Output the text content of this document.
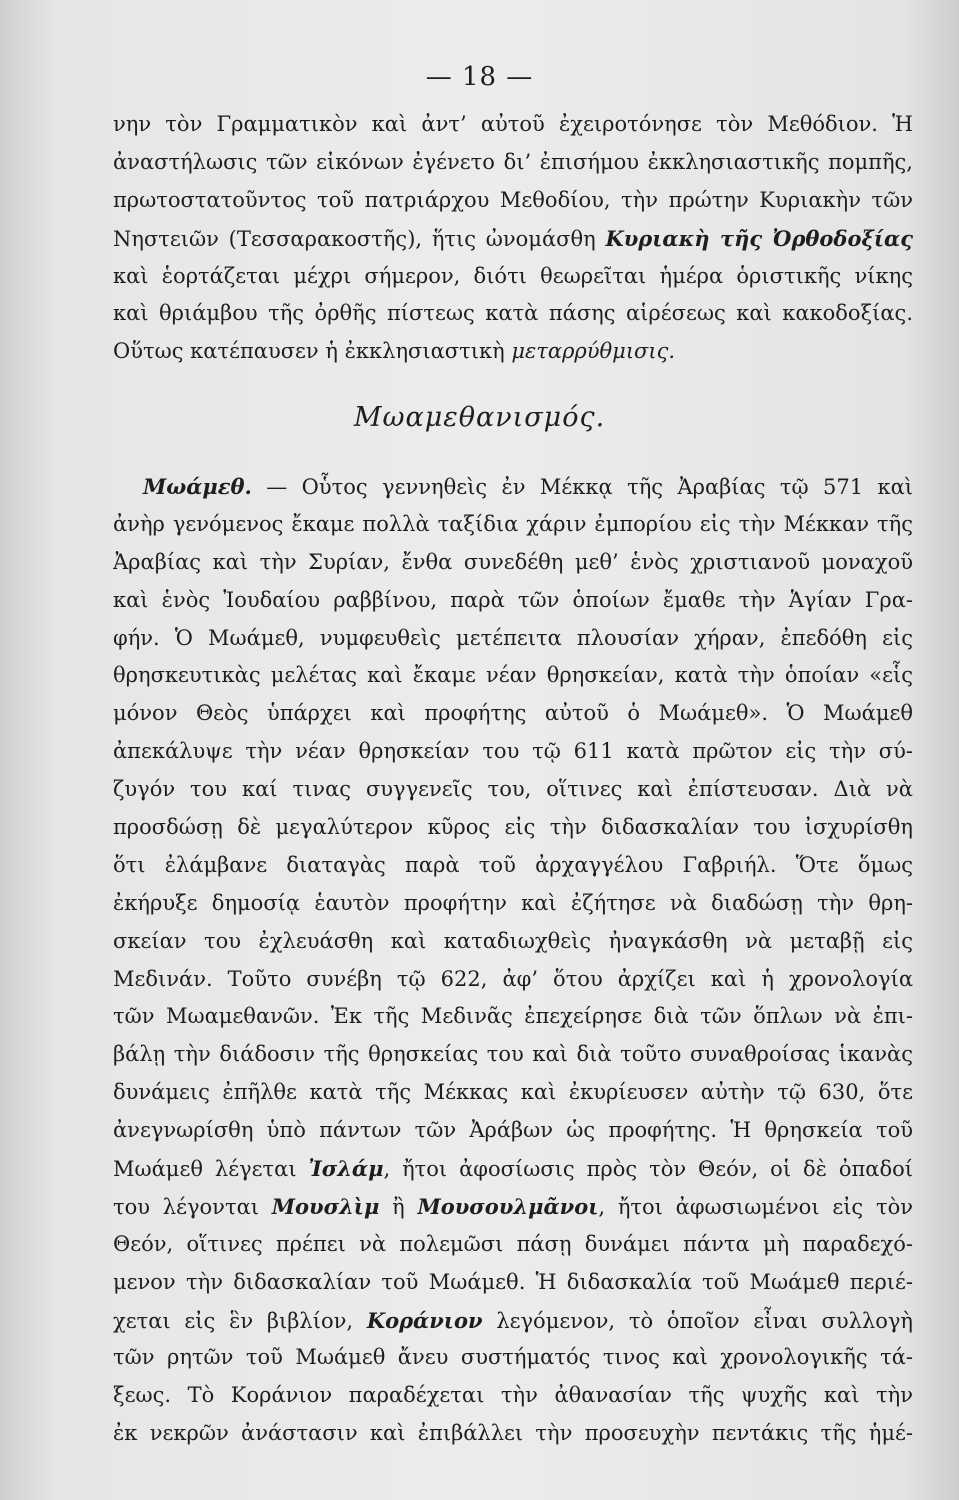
— 18 —
νην τὸν Γραμματικὸν καὶ ἀντ’ αὐτοῦ ἐχειροτόνησε τὸν Μεθόδιον. Ἡ
ἀναστήλωσις τῶν εἰκόνων ἐγένετο δι’ ἐπισήμου ἐκκλησιαστικῆς πομπῆς,
πρωτοστατοῦντος τοῦ πατριάρχου Μεθοδίου, τὴν πρώτην Κυριακὴν τῶν
Νηστειῶν (Τεσσαρακοστῆς), ἥτις ὠνομάσθη Κυριακὴ τῆς Ὀρθοδοξίας
καὶ ἑορτάζεται μέχρι σήμερον, διότι θεωρεῖται ἡμέρα ὁριστικῆς νίκης
καὶ θριάμβου τῆς ὀρθῆς πίστεως κατὰ πάσης αἱρέσεως καὶ κακοδοξίας.
Οὕτως κατέπαυσεν ἡ ἐκκλησιαστικὴ μεταρρύθμισις.
Μωαμεθανισμός.
Μωάμεθ. — Οὗτος γεννηθεὶς ἐν Μέκκᾳ τῆς Ἀραβίας τῷ 571 καὶ
ἀνὴρ γενόμενος ἔκαμε πολλὰ ταξίδια χάριν ἐμπορίου εἰς τὴν Μέκκαν τῆς
Ἀραβίας καὶ τὴν Συρίαν, ἔνθα συνεδέθη μεθ’ ἑνὸς χριστιανοῦ μοναχοῦ
καὶ ἑνὸς Ἰουδαίου ραββίνου, παρὰ τῶν ὁποίων ἔμαθε τὴν Ἁγίαν Γρα-
φήν. Ὁ Μωάμεθ, νυμφευθεὶς μετέπειτα πλουσίαν χήραν, ἐπεδόθη εἰς
θρησκευτικὰς μελέτας καὶ ἔκαμε νέαν θρησκείαν, κατὰ τὴν ὁποίαν «εἷς
μόνον Θεὸς ὑπάρχει καὶ προφήτης αὐτοῦ ὁ Μωάμεθ». Ὁ Μωάμεθ
ἀπεκάλυψε τὴν νέαν θρησκείαν του τῷ 611 κατὰ πρῶτον εἰς τὴν σύ-
ζυγόν του καί τινας συγγενεῖς του, οἵτινες καὶ ἐπίστευσαν. Διὰ νὰ
προσδώσῃ δὲ μεγαλύτερον κῦρος εἰς τὴν διδασκαλίαν του ἰσχυρίσθη
ὅτι ἐλάμβανε διαταγὰς παρὰ τοῦ ἀρχαγγέλου Γαβριήλ. Ὅτε ὅμως
ἐκήρυξε δημοσίᾳ ἑαυτὸν προφήτην καὶ ἐζήτησε νὰ διαδώσῃ τὴν θρη-
σκείαν του ἐχλευάσθη καὶ καταδιωχθεὶς ἠναγκάσθη νὰ μεταβῇ εἰς
Μεδινάν. Τοῦτο συνέβη τῷ 622, ἀφ’ ὅτου ἀρχίζει καὶ ἡ χρονολογία
τῶν Μωαμεθανῶν. Ἐκ τῆς Μεδινᾶς ἐπεχείρησε διὰ τῶν ὅπλων νὰ ἐπι-
βάλῃ τὴν διάδοσιν τῆς θρησκείας του καὶ διὰ τοῦτο συναθροίσας ἱκανὰς
δυνάμεις ἐπῆλθε κατὰ τῆς Μέκκας καὶ ἐκυρίευσεν αὐτὴν τῷ 630, ὅτε
ἀνεγνωρίσθη ὑπὸ πάντων τῶν Ἀράβων ὡς προφήτης. Ἡ θρησκεία τοῦ
Μωάμεθ λέγεται Ἰσλάμ, ἤτοι ἀφοσίωσις πρὸς τὸν Θεόν, οἱ δὲ ὀπαδοί
του λέγονται Μουσλὶμ ἢ Μουσουλμᾶνοι, ἤτοι ἀφωσιωμένοι εἰς τὸν
Θεόν, οἵτινες πρέπει νὰ πολεμῶσι πάσῃ δυνάμει πάντα μὴ παραδεχό-
μενον τὴν διδασκαλίαν τοῦ Μωάμεθ. Ἡ διδασκαλία τοῦ Μωάμεθ περιέ-
χεται εἰς ἓν βιβλίον, Κοράνιον λεγόμενον, τὸ ὁποῖον εἶναι συλλογὴ
τῶν ρητῶν τοῦ Μωάμεθ ἄνευ συστήματός τινος καὶ χρονολογικῆς τά-
ξεως. Τὸ Κοράνιον παραδέχεται τὴν ἀθανασίαν τῆς ψυχῆς καὶ τὴν
ἐκ νεκρῶν ἀνάστασιν καὶ ἐπιβάλλει τὴν προσευχὴν πεντάκις τῆς ἡμέ-
